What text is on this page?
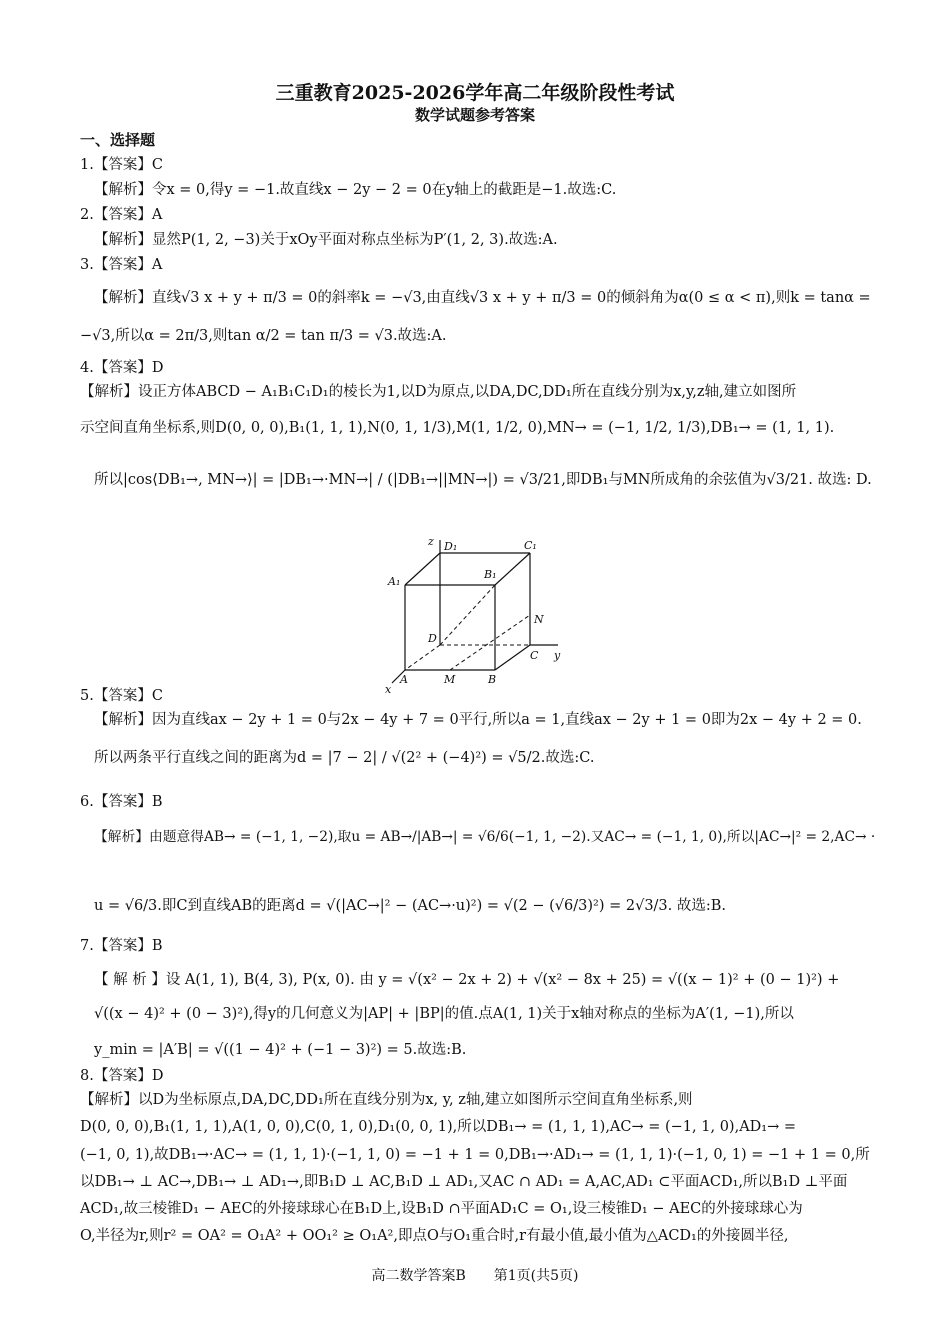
三重教育2025-2026学年高二年级阶段性考试
数学试题参考答案
一、选择题
1.【答案】C
【解析】令x = 0,得y = −1.故直线x − 2y − 2 = 0在y轴上的截距是−1.故选:C.
2.【答案】A
【解析】显然P(1, 2, −3)关于xOy平面对称点坐标为P′(1, 2, 3).故选:A.
3.【答案】A
【解析】直线√3 x + y + π/3 = 0的斜率k = −√3,由直线√3 x + y + π/3 = 0的倾斜角为α(0 ≤ α < π),则k = tanα =
−√3,所以α = 2π/3,则tan α/2 = tan π/3 = √3.故选:A.
4.【答案】D
【解析】设正方体ABCD − A₁B₁C₁D₁的棱长为1,以D为原点,以DA,DC,DD₁所在直线分别为x,y,z轴,建立如图所
示空间直角坐标系,则D(0, 0, 0),B₁(1, 1, 1),N(0, 1, 1/3),M(1, 1/2, 0),MN→ = (−1, 1/2, 1/3),DB₁→ = (1, 1, 1).
所以|cos⟨DB₁→, MN→⟩| = |DB₁→·MN→| / (|DB₁→||MN→|) = √3/21,即DB₁与MN所成角的余弦值为√3/21. 故选: D.
z D₁	C₁
A₁
B₁
N
D
C y
A	M	B
x
5.【答案】C
【解析】因为直线ax − 2y + 1 = 0与2x − 4y + 7 = 0平行,所以a = 1,直线ax − 2y + 1 = 0即为2x − 4y + 2 = 0.
所以两条平行直线之间的距离为d = |7 − 2| / √(2² + (−4)²) = √5/2.故选:C.
6.【答案】B
【解析】由题意得AB→ = (−1, 1, −2),取u = AB→/|AB→| = √6/6(−1, 1, −2).又AC→ = (−1, 1, 0),所以|AC→|² = 2,AC→ ·
u = √6/3.即C到直线AB的距离d = √(|AC→|² − (AC→·u)²) = √(2 − (√6/3)²) = 2√3/3. 故选:B.
7.【答案】B
【 解 析 】设 A(1, 1), B(4, 3), P(x, 0). 由 y = √(x² − 2x + 2) + √(x² − 8x + 25) = √((x − 1)² + (0 − 1)²) +
√((x − 4)² + (0 − 3)²),得y的几何意义为|AP| + |BP|的值.点A(1, 1)关于x轴对称点的坐标为A′(1, −1),所以
y_min = |A′B| = √((1 − 4)² + (−1 − 3)²) = 5.故选:B.
8.【答案】D
【解析】以D为坐标原点,DA,DC,DD₁所在直线分别为x, y, z轴,建立如图所示空间直角坐标系,则
D(0, 0, 0),B₁(1, 1, 1),A(1, 0, 0),C(0, 1, 0),D₁(0, 0, 1),所以DB₁→ = (1, 1, 1),AC→ = (−1, 1, 0),AD₁→ =
(−1, 0, 1),故DB₁→·AC→ = (1, 1, 1)·(−1, 1, 0) = −1 + 1 = 0,DB₁→·AD₁→ = (1, 1, 1)·(−1, 0, 1) = −1 + 1 = 0,所
以DB₁→ ⊥ AC→,DB₁→ ⊥ AD₁→,即B₁D ⊥ AC,B₁D ⊥ AD₁,又AC ∩ AD₁ = A,AC,AD₁ ⊂平面ACD₁,所以B₁D ⊥平面
ACD₁,故三棱锥D₁ − AEC的外接球球心在B₁D上,设B₁D ∩平面AD₁C = O₁,设三棱锥D₁ − AEC的外接球球心为
O,半径为r,则r² = OA² = O₁A² + OO₁² ≥ O₁A²,即点O与O₁重合时,r有最小值,最小值为△ACD₁的外接圆半径,
高二数学答案B　　第1页(共5页)
